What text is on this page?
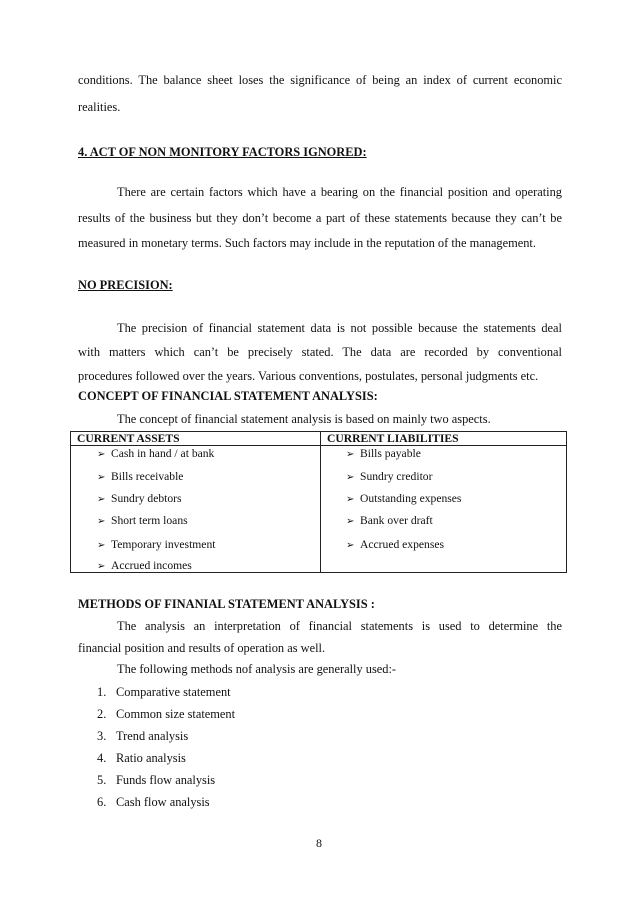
conditions. The balance sheet loses the significance of being an index of current economic
realities.
4. ACT OF NON MONITORY FACTORS IGNORED:
There are certain factors which have a bearing on the financial position and operating
results of the business but they don’t become a part of these statements because they can’t be
measured in monetary terms. Such factors may include in the reputation of the management.
NO PRECISION:
The precision of financial statement data is not possible because the statements deal
with matters which can’t be precisely stated. The data are recorded by conventional
procedures followed over the years. Various conventions, postulates, personal judgments etc.
CONCEPT OF FINANCIAL STATEMENT ANALYSIS:
The concept of financial statement analysis is based on mainly two aspects.
CURRENT ASSETS	CURRENT LIABILITIES
➢ Cash in hand / at bank
➢ Bills receivable
➢ Sundry debtors
➢ Short term loans
➢ Temporary investment
➢ Accrued incomes
➢ Bills payable
➢ Sundry creditor
➢ Outstanding expenses
➢ Bank over draft
➢ Accrued expenses
METHODS OF FINANIAL STATEMENT ANALYSIS :
The analysis an interpretation of financial statements is used to determine the
financial position and results of operation as well.
The following methods nof analysis are generally used:-
1. Comparative statement
2. Common size statement
3. Trend analysis
4. Ratio analysis
5. Funds flow analysis
6. Cash flow analysis
8
